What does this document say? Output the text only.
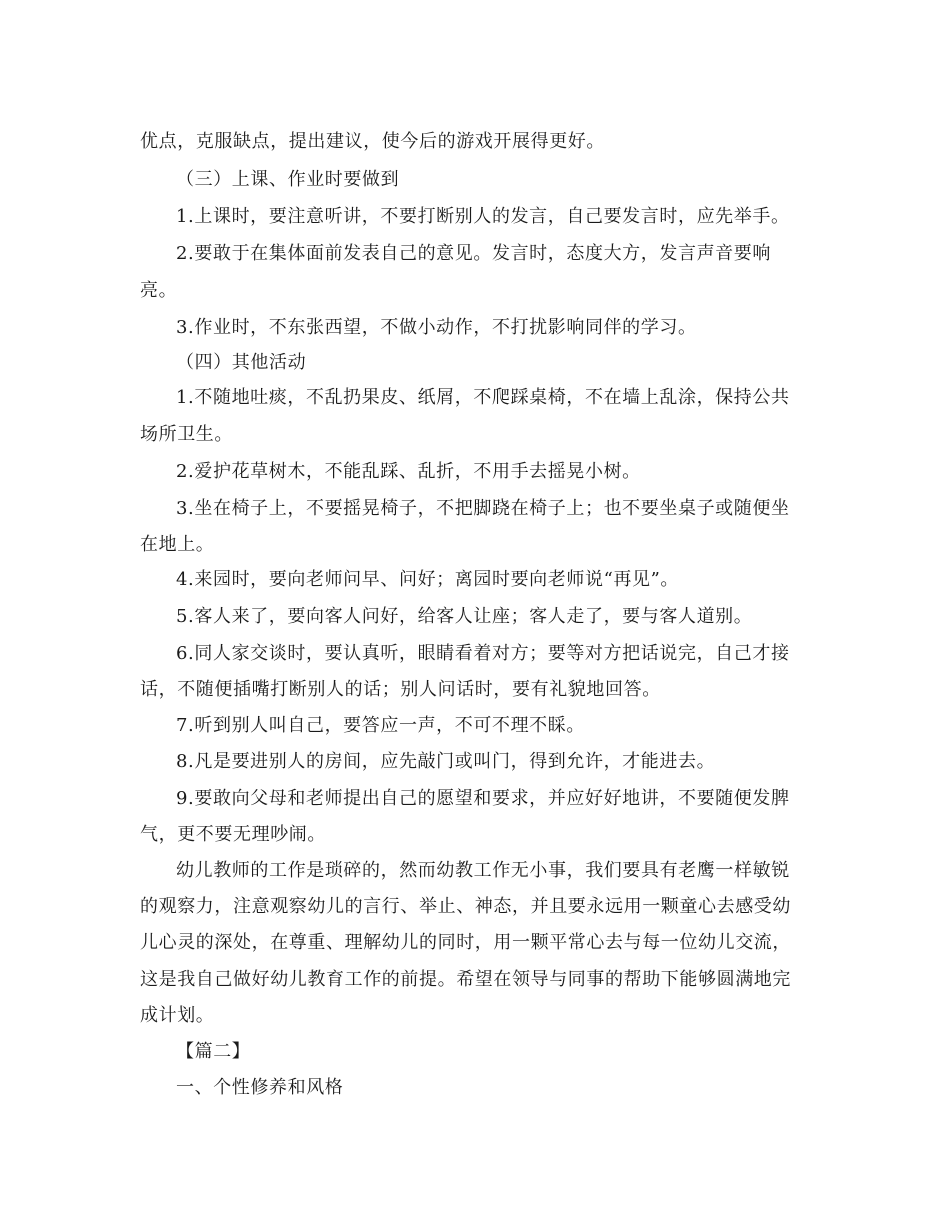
优点，克服缺点，提出建议，使今后的游戏开展得更好。
（三）上课、作业时要做到
1.上课时，要注意听讲，不要打断别人的发言，自己要发言时，应先举手。
2.要敢于在集体面前发表自己的意见。发言时，态度大方，发言声音要响
亮。
3.作业时，不东张西望，不做小动作，不打扰影响同伴的学习。
（四）其他活动
1.不随地吐痰，不乱扔果皮、纸屑，不爬踩桌椅，不在墙上乱涂，保持公共
场所卫生。
2.爱护花草树木，不能乱踩、乱折，不用手去摇晃小树。
3.坐在椅子上，不要摇晃椅子，不把脚跷在椅子上；也不要坐桌子或随便坐
在地上。
4.来园时，要向老师问早、问好；离园时要向老师说“再见”。
5.客人来了，要向客人问好，给客人让座；客人走了，要与客人道别。
6.同人家交谈时，要认真听，眼睛看着对方；要等对方把话说完，自己才接
话，不随便插嘴打断别人的话；别人问话时，要有礼貌地回答。
7.听到别人叫自己，要答应一声，不可不理不睬。
8.凡是要进别人的房间，应先敲门或叫门，得到允许，才能进去。
9.要敢向父母和老师提出自己的愿望和要求，并应好好地讲，不要随便发脾
气，更不要无理吵闹。
幼儿教师的工作是琐碎的，然而幼教工作无小事，我们要具有老鹰一样敏锐
的观察力，注意观察幼儿的言行、举止、神态，并且要永远用一颗童心去感受幼
儿心灵的深处，在尊重、理解幼儿的同时，用一颗平常心去与每一位幼儿交流，
这是我自己做好幼儿教育工作的前提。希望在领导与同事的帮助下能够圆满地完
成计划。
【篇二】
一、个性修养和风格
